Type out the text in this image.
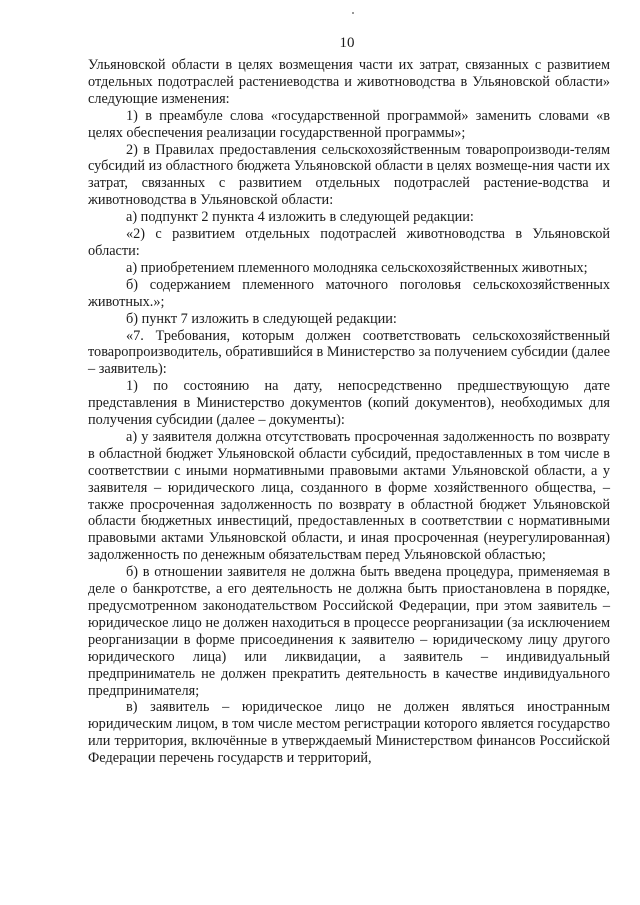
10

Ульяновской области в целях возмещения части их затрат, связанных с развитием отдельных подотраслей растениеводства и животноводства в Ульяновской области» следующие изменения:

1) в преамбуле слова «государственной программой» заменить словами «в целях обеспечения реализации государственной программы»;

2) в Правилах предоставления сельскохозяйственным товаропроизводи-телям субсидий из областного бюджета Ульяновской области в целях возмеще-ния части их затрат, связанных с развитием отдельных подотраслей растение-водства и животноводства в Ульяновской области:

а) подпункт 2 пункта 4 изложить в следующей редакции:

«2) с развитием отдельных подотраслей животноводства в Ульяновской области:

а) приобретением племенного молодняка сельскохозяйственных животных;

б) содержанием племенного маточного поголовья сельскохозяйственных животных.»;

б) пункт 7 изложить в следующей редакции:

«7. Требования, которым должен соответствовать сельскохозяйственный товаропроизводитель, обратившийся в Министерство за получением субсидии (далее – заявитель):

1) по состоянию на дату, непосредственно предшествующую дате представления в Министерство документов (копий документов), необходимых для получения субсидии (далее – документы):

а) у заявителя должна отсутствовать просроченная задолженность по возврату в областной бюджет Ульяновской области субсидий, предоставленных в том числе в соответствии с иными нормативными правовыми актами Ульяновской области, а у заявителя – юридического лица, созданного в форме хозяйственного общества, – также просроченная задолженность по возврату в областной бюджет Ульяновской области бюджетных инвестиций, предоставленных в соответствии с нормативными правовыми актами Ульяновской области, и иная просроченная (неурегулированная) задолженность по денежным обязательствам перед Ульяновской областью;

б) в отношении заявителя не должна быть введена процедура, применяемая в деле о банкротстве, а его деятельность не должна быть приостановлена в порядке, предусмотренном законодательством Российской Федерации, при этом заявитель – юридическое лицо не должен находиться в процессе реорганизации (за исключением реорганизации в форме присоединения к заявителю – юридическому лицу другого юридического лица) или ликвидации, а заявитель – индивидуальный предприниматель не должен прекратить деятельность в качестве индивидуального предпринимателя;

в) заявитель – юридическое лицо не должен являться иностранным юридическим лицом, в том числе местом регистрации которого является государство или территория, включённые в утверждаемый Министерством финансов Российской Федерации перечень государств и территорий,
